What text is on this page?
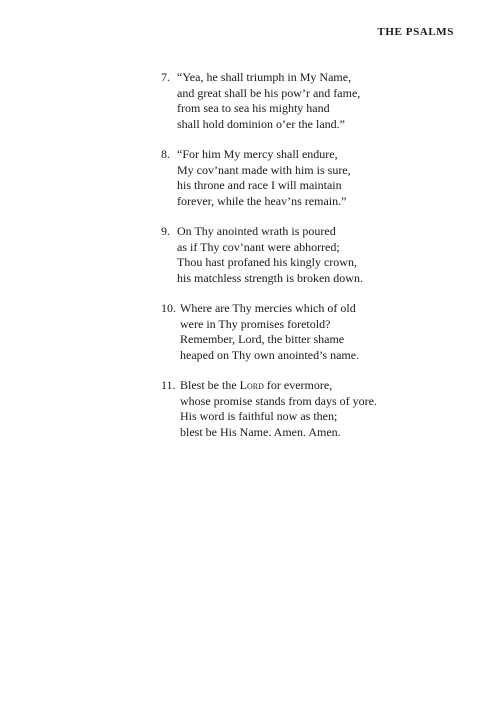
THE PSALMS
7. “Yea, he shall triumph in My Name,
and great shall be his pow’r and fame,
from sea to sea his mighty hand
shall hold dominion o’er the land.”
8. “For him My mercy shall endure,
My cov’nant made with him is sure,
his throne and race I will maintain
forever, while the heav’ns remain.”
9. On Thy anointed wrath is poured
as if Thy cov’nant were abhorred;
Thou hast profaned his kingly crown,
his matchless strength is broken down.
10. Where are Thy mercies which of old
were in Thy promises foretold?
Remember, Lord, the bitter shame
heaped on Thy own anointed’s name.
11. Blest be the Lord for evermore,
whose promise stands from days of yore.
His word is faithful now as then;
blest be His Name. Amen. Amen.
